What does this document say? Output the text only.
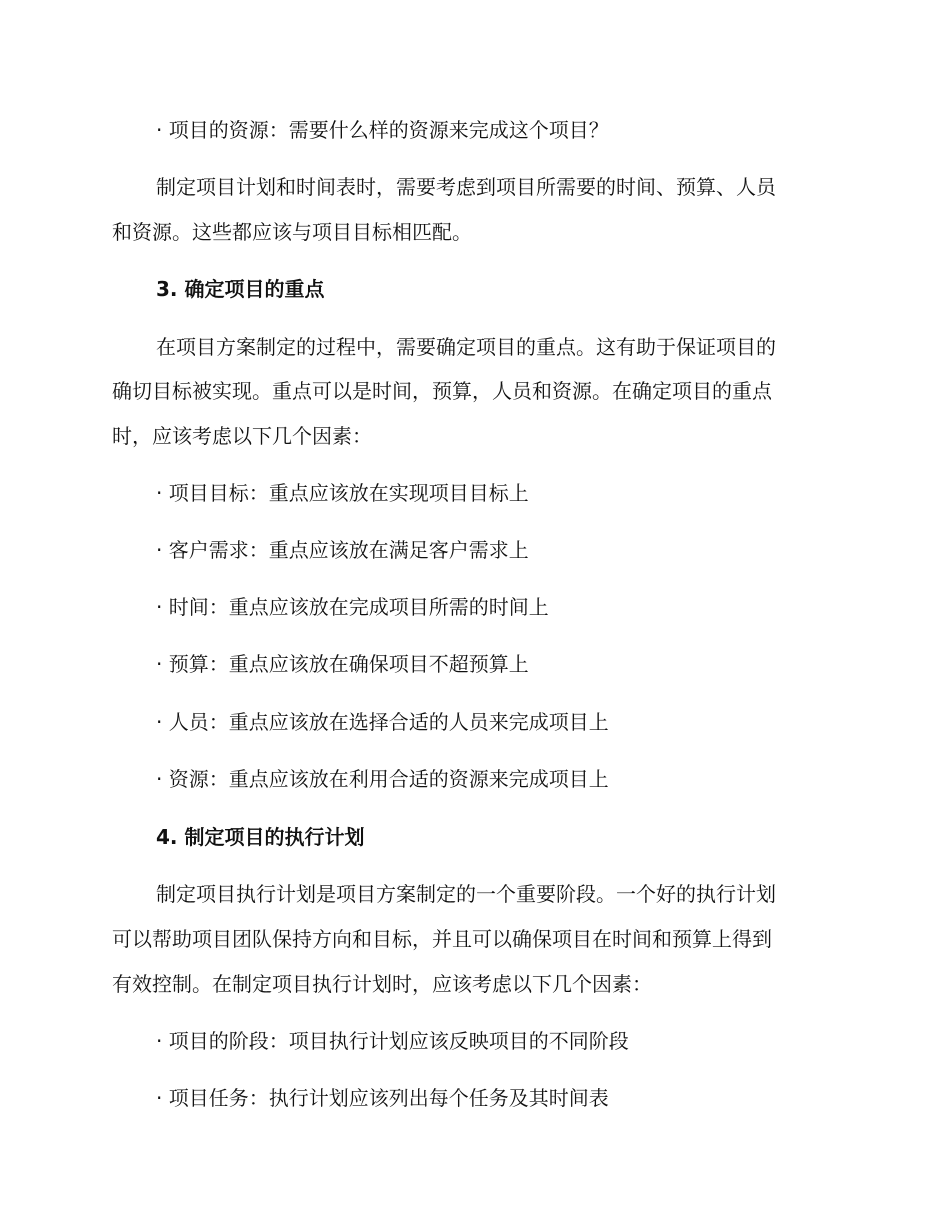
· 项目的资源：需要什么样的资源来完成这个项目？

制定项目计划和时间表时，需要考虑到项目所需要的时间、预算、人员

和资源。这些都应该与项目目标相匹配。

3. 确定项目的重点

在项目方案制定的过程中，需要确定项目的重点。这有助于保证项目的

确切目标被实现。重点可以是时间，预算，人员和资源。在确定项目的重点

时，应该考虑以下几个因素：

· 项目目标：重点应该放在实现项目目标上

· 客户需求：重点应该放在满足客户需求上

· 时间：重点应该放在完成项目所需的时间上

· 预算：重点应该放在确保项目不超预算上

· 人员：重点应该放在选择合适的人员来完成项目上

· 资源：重点应该放在利用合适的资源来完成项目上

4. 制定项目的执行计划

制定项目执行计划是项目方案制定的一个重要阶段。一个好的执行计划

可以帮助项目团队保持方向和目标，并且可以确保项目在时间和预算上得到

有效控制。在制定项目执行计划时，应该考虑以下几个因素：

· 项目的阶段：项目执行计划应该反映项目的不同阶段

· 项目任务：执行计划应该列出每个任务及其时间表
